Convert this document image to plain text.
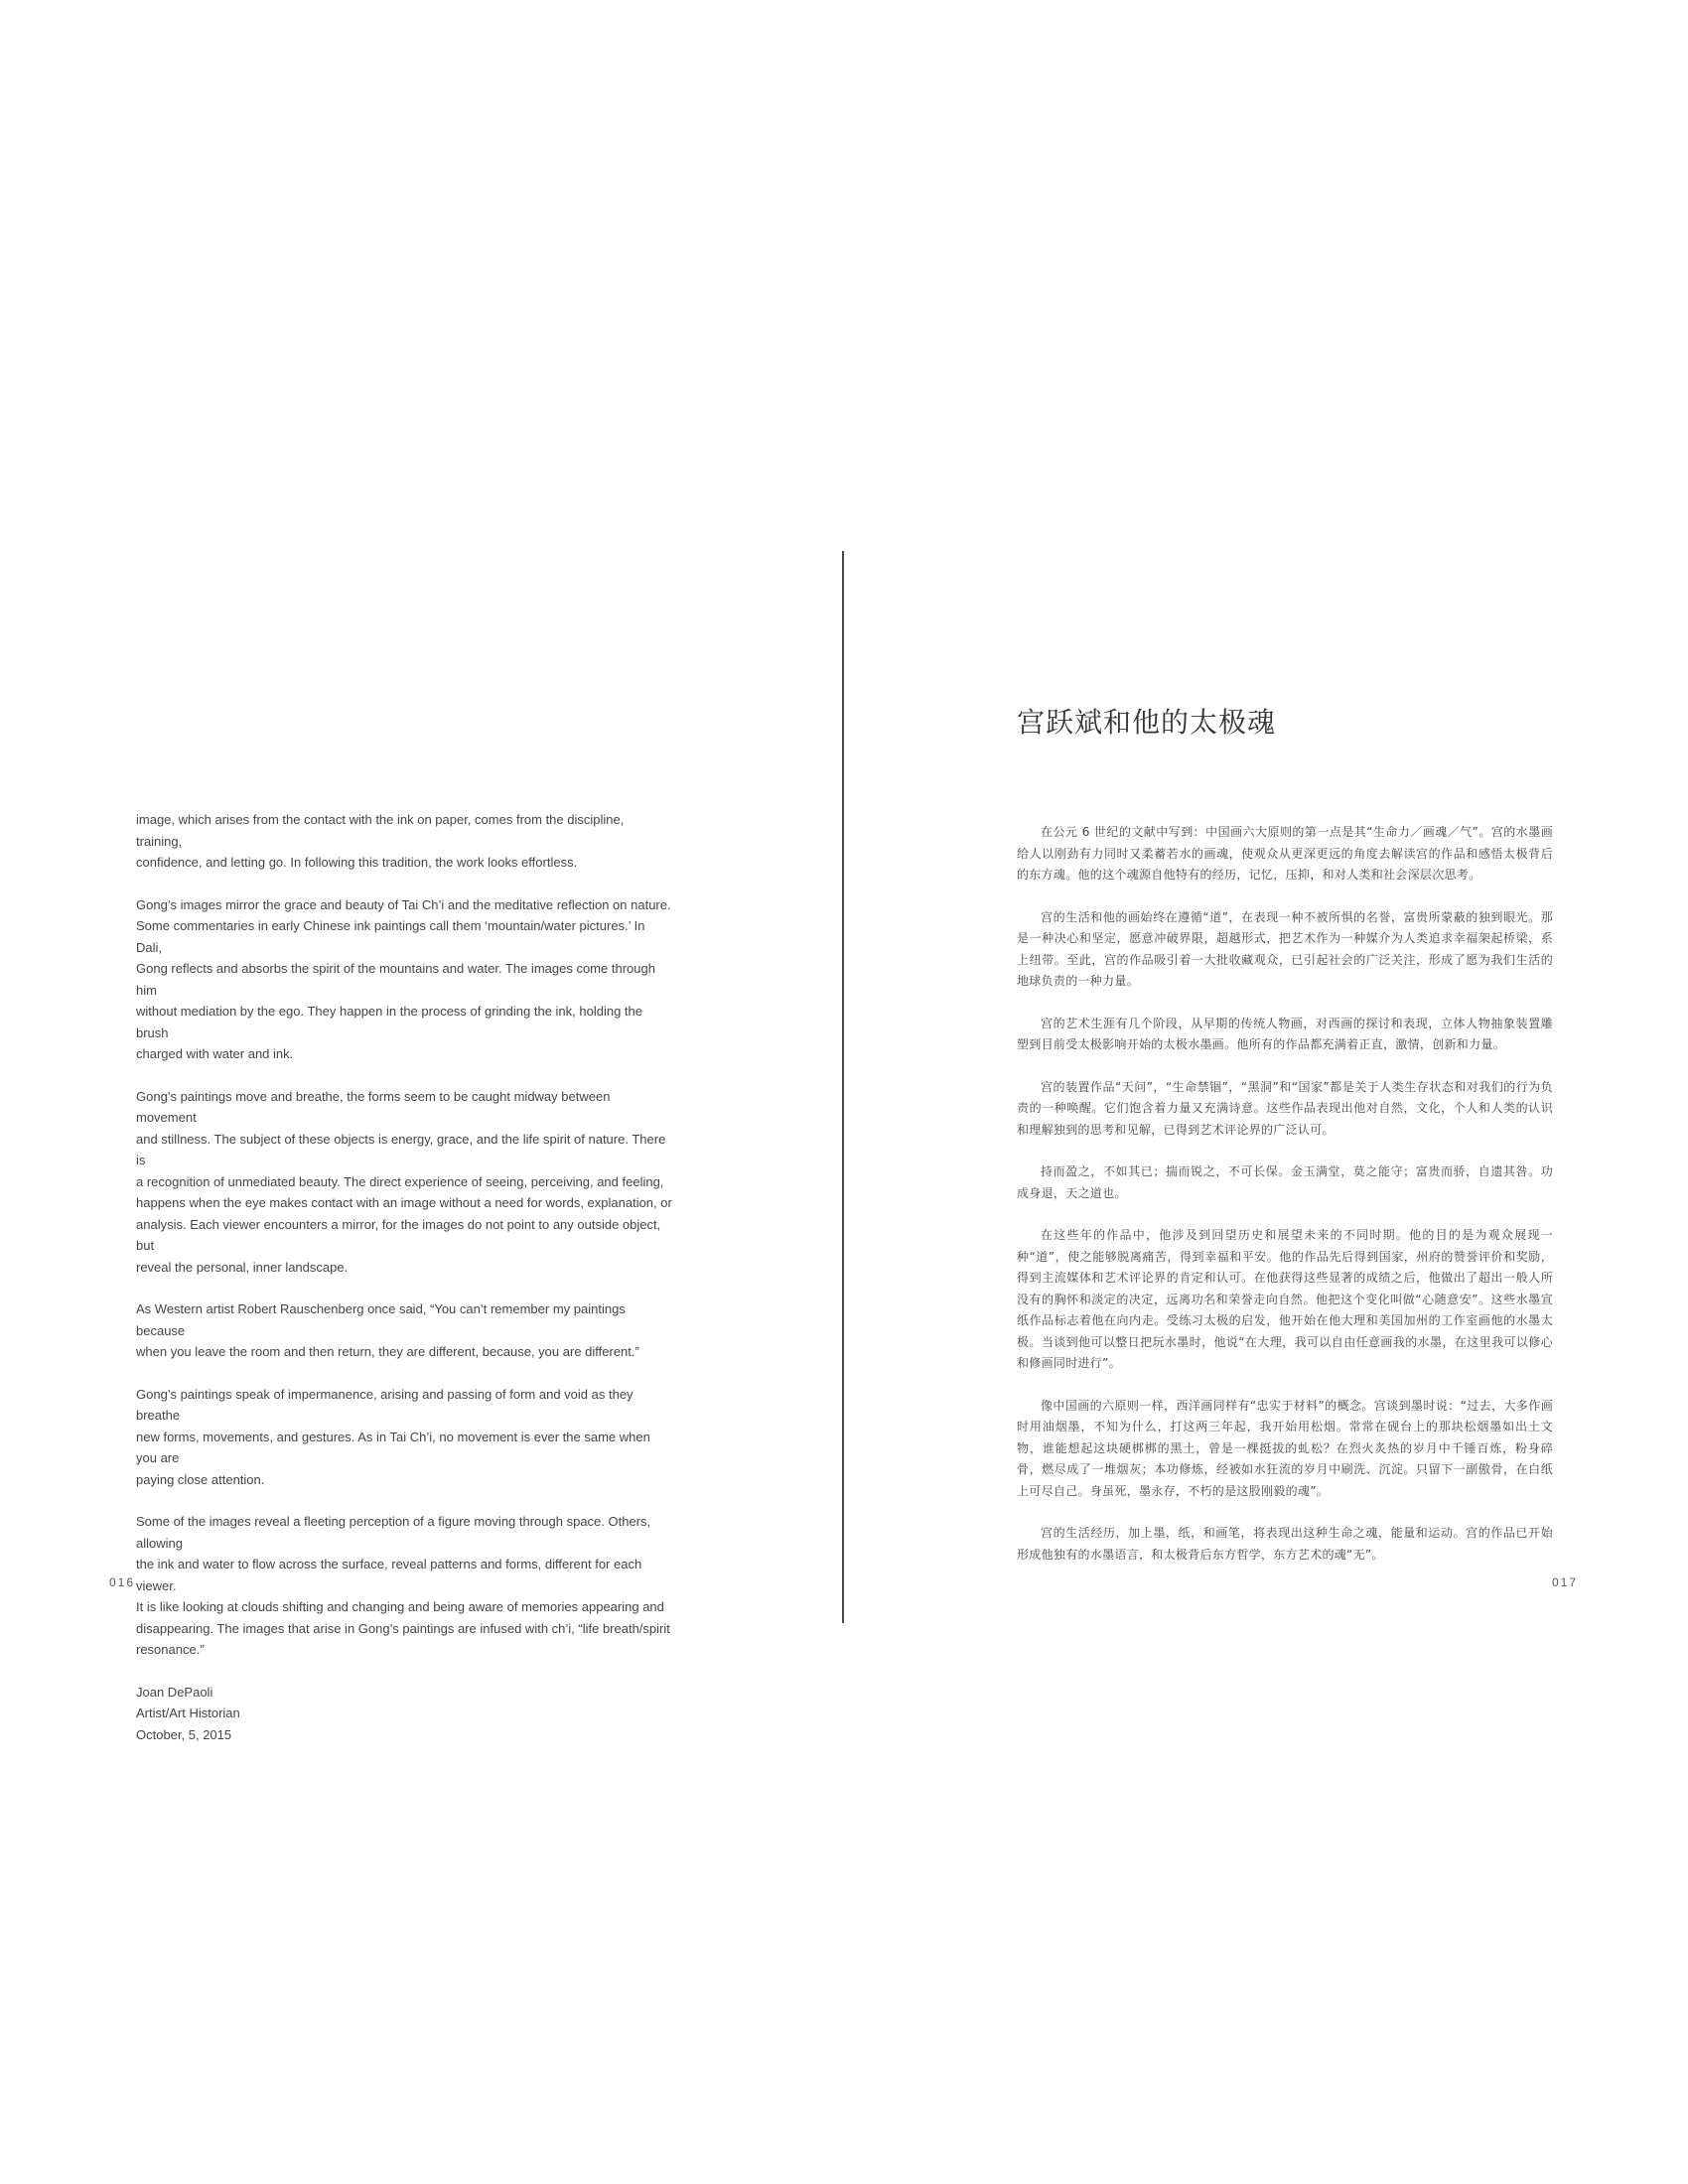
image, which arises from the contact with the ink on paper, comes from the discipline, training,
confidence, and letting go. In following this tradition, the work looks effortless.

Gong’s images mirror the grace and beauty of Tai Ch’i and the meditative reflection on nature.
Some commentaries in early Chinese ink paintings call them ‘mountain/water pictures.’ In Dali,
Gong reflects and absorbs the spirit of the mountains and water. The images come through him
without mediation by the ego. They happen in the process of grinding the ink, holding the brush
charged with water and ink.

Gong’s paintings move and breathe, the forms seem to be caught midway between movement
and stillness. The subject of these objects is energy, grace, and the life spirit of nature. There is
a recognition of unmediated beauty. The direct experience of seeing, perceiving, and feeling,
happens when the eye makes contact with an image without a need for words, explanation, or
analysis. Each viewer encounters a mirror, for the images do not point to any outside object, but
reveal the personal, inner landscape.

As Western artist Robert Rauschenberg once said, “You can’t remember my paintings because
when you leave the room and then return, they are different, because, you are different.”

Gong’s paintings speak of impermanence, arising and passing of form and void as they breathe
new forms, movements, and gestures. As in Tai Ch’i, no movement is ever the same when you are
paying close attention.

Some of the images reveal a fleeting perception of a figure moving through space. Others, allowing
the ink and water to flow across the surface, reveal patterns and forms, different for each viewer.
It is like looking at clouds shifting and changing and being aware of memories appearing and
disappearing. The images that arise in Gong’s paintings are infused with ch’i, “life breath/spirit
resonance.”

Joan DePaoli
Artist/Art Historian
October, 5, 2015
016
宫跃斌和他的太极魂

在公元 6 世纪的文献中写到：中国画六大原则的第一点是其“生命力／画魂／气”。宫的水墨画给人以刚劲有力同时又柔蓄若水的画魂，使观众从更深更远的角度去解读宫的作品和感悟太极背后的东方魂。他的这个魂源自他特有的经历，记忆，压抑，和对人类和社会深层次思考。

宫的生活和他的画始终在遵循“道”，在表现一种不被所惧的名誉，富贵所蒙蔽的独到眼光。那是一种决心和坚定，愿意冲破界限，超越形式，把艺术作为一种媒介为人类追求幸福架起桥梁，系上纽带。至此，宫的作品吸引着一大批收藏观众，已引起社会的广泛关注，形成了愿为我们生活的地球负责的一种力量。

宫的艺术生涯有几个阶段，从早期的传统人物画，对西画的探讨和表现，立体人物抽象装置雕塑到目前受太极影响开始的太极水墨画。他所有的作品都充满着正直，激情，创新和力量。

宫的装置作品“天问”，“生命禁锢”，“黑洞”和“国家”都是关于人类生存状态和对我们的行为负责的一种唤醒。它们饱含着力量又充满诗意。这些作品表现出他对自然，文化，个人和人类的认识和理解独到的思考和见解，已得到艺术评论界的广泛认可。

持而盈之，不如其已；揣而锐之，不可长保。金玉满堂，莫之能守；富贵而骄，自遗其咎。功成身退，天之道也。

在这些年的作品中，他涉及到回望历史和展望未来的不同时期。他的目的是为观众展现一种“道”，使之能够脱离痛苦，得到幸福和平安。他的作品先后得到国家，州府的赞誉评价和奖励，得到主流媒体和艺术评论界的肯定和认可。在他获得这些显著的成绩之后，他做出了超出一般人所没有的胸怀和淡定的决定，远离功名和荣誉走向自然。他把这个变化叫做“心随意安”。这些水墨宣纸作品标志着他在向内走。受练习太极的启发，他开始在他大理和美国加州的工作室画他的水墨太极。当谈到他可以整日把玩水墨时，他说“在大理，我可以自由任意画我的水墨，在这里我可以修心和修画同时进行”。

像中国画的六原则一样，西洋画同样有“忠实于材料”的概念。宫谈到墨时说：“过去，大多作画时用油烟墨，不知为什么，打这两三年起，我开始用松烟。常常在砚台上的那块松烟墨如出土文物，谁能想起这块硬梆梆的黑土，曾是一棵挺拔的虬松？在烈火炙热的岁月中千锤百炼，粉身碎骨，燃尽成了一堆烟灰；本功修炼，经被如水狂流的岁月中刷洗、沉淀。只留下一副傲骨，在白纸上可尽自己。身虽死，墨永存，不朽的是这股刚毅的魂”。

宫的生活经历，加上墨，纸，和画笔，将表现出这种生命之魂，能量和运动。宫的作品已开始形成他独有的水墨语言，和太极背后东方哲学，东方艺术的魂“无”。

017
